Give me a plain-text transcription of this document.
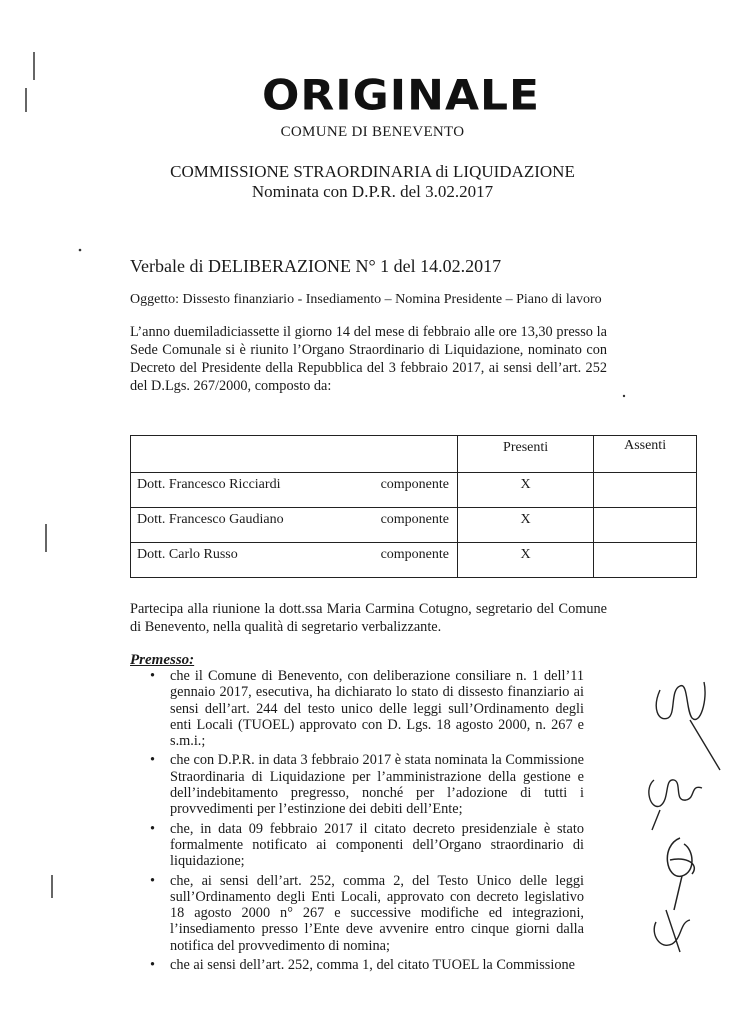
ORIGINALE
COMUNE DI BENEVENTO
COMMISSIONE STRAORDINARIA di LIQUIDAZIONE
Nominata con D.P.R. del 3.02.2017
Verbale di DELIBERAZIONE N° 1 del 14.02.2017
Oggetto: Dissesto finanziario - Insediamento – Nomina Presidente – Piano di lavoro

L’anno duemiladiciassette il giorno 14 del mese di febbraio alle ore 13,30 presso la Sede Comunale si è riunito l’Organo Straordinario di Liquidazione, nominato con Decreto del Presidente della Repubblica del 3 febbraio 2017, ai sensi dell’art. 252 del D.Lgs. 267/2000, composto da:

	Presenti	Assenti

Dott. Francesco Ricciardi componente	X	

Dott. Francesco Gaudiano componente	X	

Dott. Carlo Russo componente	X	

Partecipa alla riunione la dott.ssa Maria Carmina Cotugno, segretario del Comune di Benevento, nella qualità di segretario verbalizzante.

Premesso:
• che il Comune di Benevento, con deliberazione consiliare n. 1 dell’11 gennaio 2017, esecutiva, ha dichiarato lo stato di dissesto finanziario ai sensi dell’art. 244 del testo unico delle leggi sull’Ordinamento degli enti Locali (TUOEL) approvato con D. Lgs. 18 agosto 2000, n. 267 e s.m.i.;
• che con D.P.R. in data 3 febbraio 2017 è stata nominata la Commissione Straordinaria di Liquidazione per l’amministrazione della gestione e dell’indebitamento pregresso, nonché per l’adozione di tutti i provvedimenti per l’estinzione dei debiti dell’Ente;
• che, in data 09 febbraio 2017 il citato decreto presidenziale è stato formalmente notificato ai componenti dell’Organo straordinario di liquidazione;
• che, ai sensi dell’art. 252, comma 2, del Testo Unico delle leggi sull’Ordinamento degli Enti Locali, approvato con decreto legislativo 18 agosto 2000 n° 267 e successive modifiche ed integrazioni, l’insediamento presso l’Ente deve avvenire entro cinque giorni dalla notifica del provvedimento di nomina;
• che ai sensi dell’art. 252, comma 1, del citato TUOEL la Commissione
